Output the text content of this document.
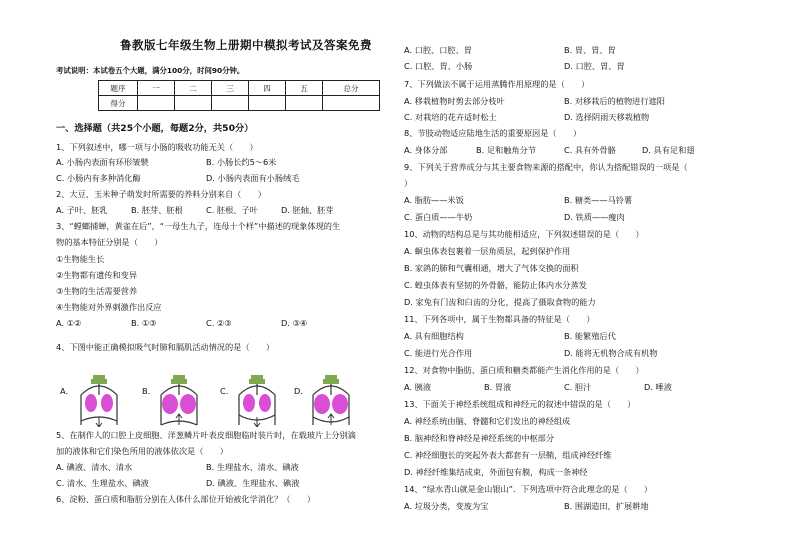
鲁教版七年级生物上册期中模拟考试及答案免费
考试说明：本试卷五个大题，满分100分，时间90分钟。
题序	一	二	三	四	五	总分
得分						
一、选择题（共25个小题，每题2分，共50分）
1、下列叙述中，哪一项与小肠的吸收功能无关（　　）
A. 小肠内表面有环形皱襞	B. 小肠长约5～6米
C. 小肠内有多种消化酶	D. 小肠内表面有小肠绒毛
2、大豆、玉米种子萌发时所需要的养料分别来自（　　）
A. 子叶、胚乳	B. 胚芽、胚根	C. 胚根、子叶	D. 胚轴、胚芽
3、“螳螂捕蝉，黄雀在后”，“一母生九子，连母十个样”中描述的现象体现的生
物的基本特征分别是（　　）
①生物能生长
②生物都有遗传和变异
③生物的生活需要营养
④生物能对外界刺激作出反应
A. ①②	B. ①③	C. ②③	D. ③④
4、下图中能正确模拟吸气时肺和膈肌活动情况的是（　　）
A.	B.	C.	D.
5、在制作人的口腔上皮细胞、洋葱鳞片叶表皮细胞临时装片时，在载玻片上分别滴
加的液体和它们染色所用的液体依次是（　　）
A. 碘液、清水、清水	B. 生理盐水、清水、碘液
C. 清水、生理盐水、碘液	D. 碘液、生理盐水、碘液
6、淀粉、蛋白质和脂肪分别在人体什么部位开始被化学消化？（　　）
A. 口腔、口腔、胃	B. 胃、胃、胃
C. 口腔、胃、小肠	D. 口腔、胃、胃
7、下列做法不属于运用蒸腾作用原理的是（　　）
A. 移栽植物时剪去部分枝叶	B. 对移栽后的植物进行遮阳
C. 对栽培的花卉适时松土	D. 选择阴雨天移栽植物
8、节肢动物适应陆地生活的重要原因是（　　）
A. 身体分部	B. 足和触角分节	C. 具有外骨骼	D. 具有足和翅
9、下列关于营养成分与其主要食物来源的搭配中，你认为搭配错误的一项是（
）
A. 脂肪——米饭	B. 糖类——马铃薯
C. 蛋白质——牛奶	D. 铁质——瘦肉
10、动物的结构总是与其功能相适应，下列叙述错误的是（　　）
A. 蛔虫体表包裹着一层角质层，起到保护作用
B. 家鸽的肺和气囊相通，增大了气体交换的面积
C. 蝗虫体表有坚韧的外骨骼，能防止体内水分蒸发
D. 家兔有门齿和臼齿的分化，提高了摄取食物的能力
11、下列各项中，属于生物都具备的特征是（　　）
A. 具有细胞结构	B. 能繁殖后代
C. 能进行光合作用	D. 能将无机物合成有机物
12、对食物中脂肪、蛋白质和糖类都能产生消化作用的是（　　）
A. 胰液	B. 胃液	C. 胆汁	D. 唾液
13、下面关于神经系统组成和神经元的叙述中错误的是（　　）
A. 神经系统由脑、脊髓和它们发出的神经组成
B. 脑神经和脊神经是神经系统的中枢部分
C. 神经细胞长的突起外表大都套有一层鞘，组成神经纤维
D. 神经纤维集结成束，外面包有膜，构成一条神经
14、“绿水青山就是金山银山”．下列选项中符合此理念的是（　　）
A. 垃圾分类，变废为宝	B. 围湖造田，扩展耕地
